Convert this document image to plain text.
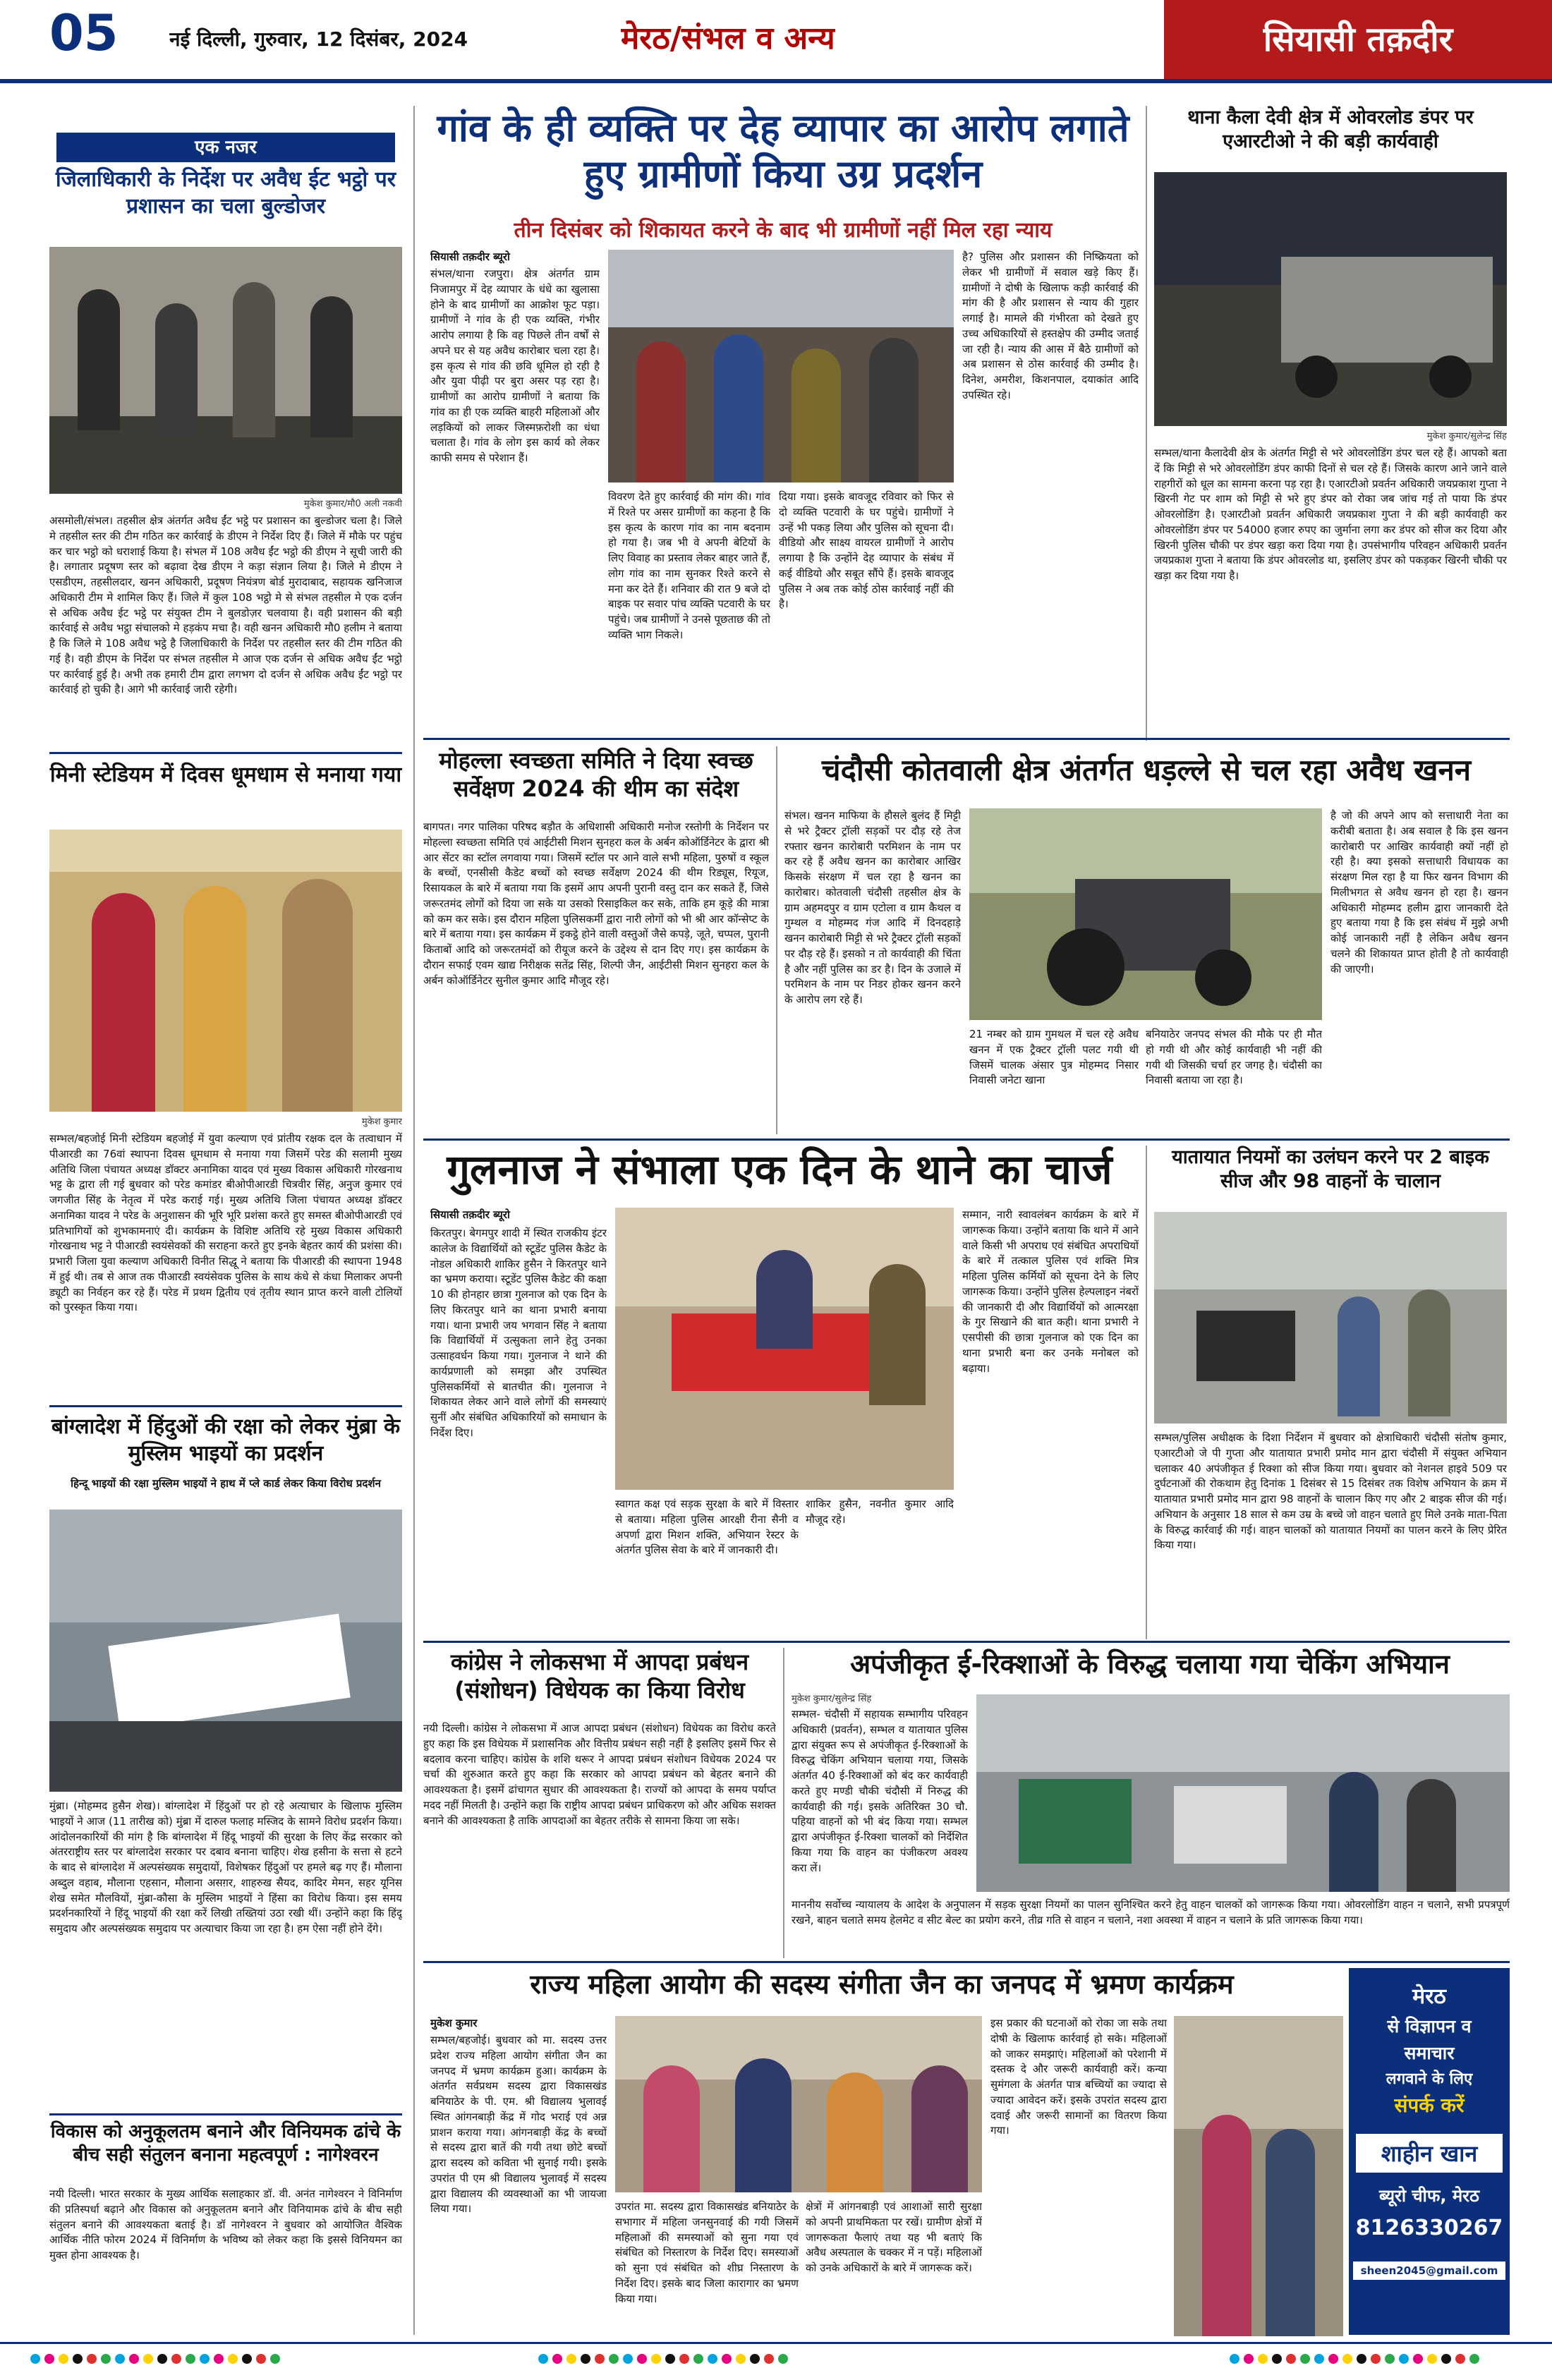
05	नई दिल्ली, गुरुवार, 12 दिसंबर, 2024	मेरठ/संभल व अन्य	सियासी तक़दीर
एक नजर
जिलाधिकारी के निर्देश पर अवैध ईट भट्ठो पर प्रशासन का चला बुल्डोजर
मुकेश कुमार/मौ0 अली नकवी
असमोली/संभल। तहसील क्षेत्र अंतर्गत अवैध ईंट भट्ठे पर प्रशासन का बुल्डोजर चला है। जिले मे तहसील स्तर की टीम गठित कर कार्रवाई के डीएम ने निर्देश दिए हैं। जिले में मौके पर पहुंच कर चार भट्ठो को धराशाई किया है। संभल में 108 अवैध ईंट भट्ठो की डीएम ने सूची जारी की है। लगातार प्रदूषण स्तर को बढ़ावा देख डीएम ने कड़ा संज्ञान लिया है। जिले मे डीएम ने एसडीएम, तहसीलदार, खनन अधिकारी, प्रदूषण नियंत्रण बोर्ड मुरादाबाद, सहायक खनिजाज अधिकारी टीम मे शामिल किए हैं। जिले में कुल 108 भट्ठो मे से संभल तहसील मे एक दर्जन से अधिक अवैध ईट भट्ठे पर संयुक्त टीम ने बुलडोज़र चलवाया है। वही प्रशासन की बड़ी कार्रवाई से अवैध भट्ठा संचालको मे हड़कंप मचा है। वही खनन अधिकारी मौ0 हलीम ने बताया है कि जिले मे 108 अवैध भट्ठे है जिलाधिकारी के निर्देश पर तहसील स्तर की टीम गठित की गई है। वही डीएम के निर्देश पर संभल तहसील मे आज एक दर्जन से अधिक अवैध ईंट भट्ठो पर कार्रवाई हुई है। अभी तक हमारी टीम द्वारा लगभग दो दर्जन से अधिक अवैध ईंट भट्ठो पर कार्रवाई हो चुकी है। आगे भी कार्रवाई जारी रहेगी।
मिनी स्टेडियम में दिवस धूमधाम से मनाया गया
मुकेश कुमार
सम्भल/बहजोई मिनी स्टेडियम बहजोई में युवा कल्याण एवं प्रांतीय रक्षक दल के तत्वाधान में पीआरडी का 76वां स्थापना दिवस धूमधाम से मनाया गया जिसमें परेड की सलामी मुख्य अतिथि जिला पंचायत अध्यक्ष डॉक्टर अनामिका यादव एवं मुख्य विकास अधिकारी गोरखनाथ भट्ट के द्वारा ली गई बुधवार को परेड कमांडर बीओपीआरडी चित्रवीर सिंह, अनुज कुमार एवं जगजीत सिंह के नेतृत्व में परेड कराई गई। मुख्य अतिथि जिला पंचायत अध्यक्ष डॉक्टर अनामिका यादव ने परेड के अनुशासन की भूरि भूरि प्रशंसा करते हुए समस्त बीओपीआरडी एवं प्रतिभागियों को शुभकामनाएं दी। कार्यक्रम के विशिष्ट अतिथि रहे मुख्य विकास अधिकारी गोरखनाथ भट्ट ने पीआरडी स्वयंसेवकों की सराहना करते हुए इनके बेहतर कार्य की प्रशंसा की। प्रभारी जिला युवा कल्याण अधिकारी विनीत सिद्धू ने बताया कि पीआरडी की स्थापना 1948 में हुई थी। तब से आज तक पीआरडी स्वयंसेवक पुलिस के साथ कंधे से कंधा मिलाकर अपनी ड्यूटी का निर्वहन कर रहे हैं। परेड में प्रथम द्वितीय एवं तृतीय स्थान प्राप्त करने वाली टोलियों को पुरस्कृत किया गया।
बांग्लादेश में हिंदुओं की रक्षा को लेकर मुंब्रा के मुस्लिम भाइयों का प्रदर्शन
हिन्दू भाइयों की रक्षा मुस्लिम भाइयों ने हाथ में प्ले कार्ड लेकर किया विरोध प्रदर्शन
मुंब्रा। (मोहम्मद हुसैन शेख)। बांग्लादेश में हिंदुओं पर हो रहे अत्याचार के खिलाफ मुस्लिम भाइयों ने आज (11 तारीख को) मुंब्रा में दारुल फलाह मस्जिद के सामने विरोध प्रदर्शन किया। आंदोलनकारियों की मांग है कि बांग्लादेश में हिंदू भाइयों की सुरक्षा के लिए केंद्र सरकार को अंतरराष्ट्रीय स्तर पर बांग्लादेश सरकार पर दबाव बनाना चाहिए। शेख हसीना के सत्ता से हटने के बाद से बांग्लादेश में अल्पसंख्यक समुदायों, विशेषकर हिंदुओं पर हमले बढ़ गए हैं। मौलाना अब्दुल वहाब, मौलाना एहसान, मौलाना असग़र, शाहरुख सैयद, कादिर मेमन, सहर यूनिस शेख समेत मौलवियों, मुंब्रा-कौसा के मुस्लिम भाइयों ने हिंसा का विरोध किया। इस समय प्रदर्शनकारियों ने हिंदू भाइयों की रक्षा करें लिखी तख्तियां उठा रखी थीं। उन्होंने कहा कि हिंदू समुदाय और अल्पसंख्यक समुदाय पर अत्याचार किया जा रहा है। हम ऐसा नहीं होने देंगे।
विकास को अनुकूलतम बनाने और विनियमक ढांचे के बीच सही संतुलन बनाना महत्वपूर्ण : नागेश्वरन
नयी दिल्ली। भारत सरकार के मुख्य आर्थिक सलाहकार डॉ. वी. अनंत नागेश्वरन ने विनिर्माण की प्रतिस्पर्धा बढ़ाने और विकास को अनुकूलतम बनाने और विनियामक ढांचे के बीच सही संतुलन बनाने की आवश्यकता बताई है। डॉ नागेश्वरन ने बुधवार को आयोजित वैश्विक आर्थिक नीति फोरम 2024 में विनिर्माण के भविष्य को लेकर कहा कि इससे विनियमन का मुक्त होना आवश्यक है।
गांव के ही व्यक्ति पर देह व्यापार का आरोप लगाते हुए ग्रामीणों किया उग्र प्रदर्शन
तीन दिसंबर को शिकायत करने के बाद भी ग्रामीणों नहीं मिल रहा न्याय
सियासी तक़दीर ब्यूरो
संभल/थाना रजपुरा। क्षेत्र अंतर्गत ग्राम निजामपुर में देह व्यापार के धंधे का खुलासा होने के बाद ग्रामीणों का आक्रोश फूट पड़ा। ग्रामीणों ने गांव के ही एक व्यक्ति, गंभीर आरोप लगाया है कि वह पिछले तीन वर्षों से अपने घर से यह अवैध कारोबार चला रहा है। इस कृत्य से गांव की छवि धूमिल हो रही है और युवा पीढ़ी पर बुरा असर पड़ रहा है। ग्रामीणों का आरोप ग्रामीणों ने बताया कि गांव का ही एक व्यक्ति बाहरी महिलाओं और लड़कियों को लाकर जिस्मफ़रोशी का धंधा चलाता है। गांव के लोग इस कार्य को लेकर काफी समय से परेशान हैं।
विवरण देते हुए कार्रवाई की मांग की। गांव में रिश्ते पर असर ग्रामीणों का कहना है कि इस कृत्य के कारण गांव का नाम बदनाम हो गया है। जब भी वे अपनी बेटियों के लिए विवाह का प्रस्ताव लेकर बाहर जाते हैं, लोग गांव का नाम सुनकर रिश्ते करने से मना कर देते हैं। शनिवार की रात 9 बजे दो बाइक पर सवार पांच व्यक्ति पटवारी के घर पहुंचे। जब ग्रामीणों ने उनसे पूछताछ की तो व्यक्ति भाग निकले।
दिया गया। इसके बावजूद रविवार को फिर से दो व्यक्ति पटवारी के घर पहुंचे। ग्रामीणों ने उन्हें भी पकड़ लिया और पुलिस को सूचना दी। वीडियो और साक्ष्य वायरल ग्रामीणों ने आरोप लगाया है कि उन्होंने देह व्यापार के संबंध में कई वीडियो और सबूत सौंपे हैं। इसके बावजूद पुलिस ने अब तक कोई ठोस कार्रवाई नहीं की है।
है? पुलिस और प्रशासन की निष्क्रियता को लेकर भी ग्रामीणों में सवाल खड़े किए हैं। ग्रामीणों ने दोषी के खिलाफ कड़ी कार्रवाई की मांग की है और प्रशासन से न्याय की गुहार लगाई है। मामले की गंभीरता को देखते हुए उच्च अधिकारियों से हस्तक्षेप की उम्मीद जताई जा रही है। न्याय की आस में बैठे ग्रामीणों को अब प्रशासन से ठोस कार्रवाई की उम्मीद है। दिनेश, अमरीश, किशनपाल, दयाकांत आदि उपस्थित रहे।
थाना कैला देवी क्षेत्र में ओवरलोड डंपर पर एआरटीओ ने की बड़ी कार्यवाही
मुकेश कुमार/सुलेन्द्र सिंह
सम्भल/थाना कैलादेवी क्षेत्र के अंतर्गत मिट्टी से भरे ओवरलोडिंग डंपर चल रहे हैं। आपको बता दें कि मिट्टी से भरे ओवरलोडिंग डंपर काफी दिनों से चल रहे हैं। जिसके कारण आने जाने वाले राहगीरों को धूल का सामना करना पड़ रहा है। एआरटीओ प्रवर्तन अधिकारी जयप्रकाश गुप्ता ने खिरनी गेट पर शाम को मिट्टी से भरे हुए डंपर को रोका जब जांच गई तो पाया कि डंपर ओवरलोडिंग है। एआरटीओ प्रवर्तन अधिकारी जयप्रकाश गुप्ता ने की बड़ी कार्यवाही कर ओवरलोडिंग डंपर पर 54000 हजार रुपए का जुर्माना लगा कर डंपर को सीज कर दिया और खिरनी पुलिस चौकी पर डंपर खड़ा करा दिया गया है। उपसंभागीय परिवहन अधिकारी प्रवर्तन जयप्रकाश गुप्ता ने बताया कि डंपर ओवरलोड था, इसलिए डंपर को पकड़कर खिरनी चौकी पर खड़ा कर दिया गया है।
मोहल्ला स्वच्छता समिति ने दिया स्वच्छ सर्वेक्षण 2024 की थीम का संदेश
बागपत। नगर पालिका परिषद बड़ौत के अधिशासी अधिकारी मनोज रस्तोगी के निर्देशन पर मोहल्ला स्वच्छता समिति एवं आईटीसी मिशन सुनहरा कल के अर्बन कोऑर्डिनेटर के द्वारा श्री आर सेंटर का स्टॉल लगवाया गया। जिसमें स्टॉल पर आने वाले सभी महिला, पुरुषों व स्कूल के बच्चों, एनसीसी कैडेट बच्चों को स्वच्छ सर्वेक्षण 2024 की थीम रिड्यूस, रियूज, रिसायकल के बारे में बताया गया कि इसमें आप अपनी पुरानी वस्तु दान कर सकते हैं, जिसे जरूरतमंद लोगों को दिया जा सके या उसको रिसाइकिल कर सके, ताकि हम कूड़े की मात्रा को कम कर सके। इस दौरान महिला पुलिसकर्मी द्वारा नारी लोगों को भी श्री आर कॉन्सेप्ट के बारे में बताया गया। इस कार्यक्रम में इकट्ठे होने वाली वस्तुओं जैसे कपड़े, जूते, चप्पल, पुरानी किताबों आदि को जरूरतमंदों को रीयूज करने के उद्देश्य से दान दिए गए। इस कार्यक्रम के दौरान सफाई एवम खाद्य निरीक्षक सतेंद्र सिंह, शिल्पी जैन, आईटीसी मिशन सुनहरा कल के अर्बन कोऑर्डिनेटर सुनील कुमार आदि मौजूद रहे।
चंदौसी कोतवाली क्षेत्र अंतर्गत धड़ल्ले से चल रहा अवैध खनन
संभल। खनन माफिया के हौसले बुलंद हैं मिट्टी से भरे ट्रैक्टर ट्रॉली सड़कों पर दौड़ रहे तेज रफ्तार खनन कारोबारी परमिशन के नाम पर कर रहे हैं अवैध खनन का कारोबार आखिर किसके संरक्षण में चल रहा है खनन का कारोबार। कोतवाली चंदौसी तहसील क्षेत्र के ग्राम अहमदपुर व ग्राम एटोला व ग्राम कैथल व गुम्थल व मोहम्मद गंज आदि में दिनदहाड़े खनन कारोबारी मिट्टी से भरे ट्रैक्टर ट्रॉली सड़कों पर दौड़ रहे हैं। इसको न तो कार्यवाही की चिंता है और नहीं पुलिस का डर है। दिन के उजाले में परमिशन के नाम पर निडर होकर खनन करने के आरोप लग रहे हैं।
21 नम्बर को ग्राम गुमथल में चल रहे अवैध खनन में एक ट्रैक्टर ट्रॉली पलट गयी थी जिसमें चालक अंसार पुत्र मोहम्मद निसार निवासी जनेटा खाना
बनियाठेर जनपद संभल की मौके पर ही मौत हो गयी थी और कोई कार्यवाही भी नहीं की गयी थी जिसकी चर्चा हर जगह है। चंदौसी का निवासी बताया जा रहा है।
है जो की अपने आप को सत्ताधारी नेता का करीबी बताता है। अब सवाल है कि इस खनन कारोबारी पर आखिर कार्यवाही क्यों नहीं हो रही है। क्या इसको सत्ताधारी विधायक का संरक्षण मिल रहा है या फिर खनन विभाग की मिलीभगत से अवैध खनन हो रहा है। खनन अधिकारी मोहम्मद हलीम द्वारा जानकारी देते हुए बताया गया है कि इस संबंध में मुझे अभी कोई जानकारी नहीं है लेकिन अवैध खनन चलने की शिकायत प्राप्त होती है तो कार्यवाही की जाएगी।
गुलनाज ने संभाला एक दिन के थाने का चार्ज
सियासी तक़दीर ब्यूरो
किरतपुर। बेगमपुर शादी में स्थित राजकीय इंटर कालेज के विद्यार्थियों को स्टूडेंट पुलिस कैडेट के नोडल अधिकारी शाकिर हुसैन ने किरतपुर थाने का भ्रमण कराया। स्टूडेंट पुलिस कैडेट की कक्षा 10 की होनहार छात्रा गुलनाज को एक दिन के लिए किरतपुर थाने का थाना प्रभारी बनाया गया। थाना प्रभारी जय भगवान सिंह ने बताया कि विद्यार्थियों में उत्सुकता लाने हेतु उनका उत्साहवर्धन किया गया। गुलनाज ने थाने की कार्यप्रणाली को समझा और उपस्थित पुलिसकर्मियों से बातचीत की। गुलनाज ने शिकायत लेकर आने वाले लोगों की समस्याएं सुनीं और संबंधित अधिकारियों को समाधान के निर्देश दिए।
स्वागत कक्ष एवं सड़क सुरक्षा के बारे में विस्तार से बताया। महिला पुलिस आरक्षी रीना सैनी व अपर्णा द्वारा मिशन शक्ति, अभियान रेस्टर के अंतर्गत पुलिस सेवा के बारे में जानकारी दी।
शाकिर हुसैन, नवनीत कुमार आदि मौजूद रहे।
सम्मान, नारी स्वावलंबन कार्यक्रम के बारे में जागरूक किया। उन्होंने बताया कि थाने में आने वाले किसी भी अपराध एवं संबंधित अपराधियों के बारे में तत्काल पुलिस एवं शक्ति मित्र महिला पुलिस कर्मियों को सूचना देने के लिए जागरूक किया। उन्होंने पुलिस हेल्पलाइन नंबरों की जानकारी दी और विद्यार्थियों को आत्मरक्षा के गुर सिखाने की बात कही। थाना प्रभारी ने एसपीसी की छात्रा गुलनाज को एक दिन का थाना प्रभारी बना कर उनके मनोबल को बढ़ाया।
यातायात नियमों का उलंघन करने पर 2 बाइक सीज और 98 वाहनों के चालान
सम्भल/पुलिस अधीक्षक के दिशा निर्देशन में बुधवार को क्षेत्राधिकारी चंदौसी संतोष कुमार, एआरटीओ जे पी गुप्ता और यातायात प्रभारी प्रमोद मान द्वारा चंदौसी में संयुक्त अभियान चलाकर 40 अपंजीकृत ई रिक्शा को सीज किया गया। बुधवार को नेशनल हाइवे 509 पर दुर्घटनाओं की रोकथाम हेतु दिनांक 1 दिसंबर से 15 दिसंबर तक विशेष अभियान के क्रम में यातायात प्रभारी प्रमोद मान द्वारा 98 वाहनों के चालान किए गए और 2 बाइक सीज की गई। अभियान के अनुसार 18 साल से कम उम्र के बच्चे जो वाहन चलाते हुए मिले उनके माता-पिता के विरुद्ध कार्रवाई की गई। वाहन चालकों को यातायात नियमों का पालन करने के लिए प्रेरित किया गया।
कांग्रेस ने लोकसभा में आपदा प्रबंधन (संशोधन) विधेयक का किया विरोध
नयी दिल्ली। कांग्रेस ने लोकसभा में आज आपदा प्रबंधन (संशोधन) विधेयक का विरोध करते हुए कहा कि इस विधेयक में प्रशासनिक और वित्तीय प्रबंधन सही नहीं है इसलिए इसमें फिर से बदलाव करना चाहिए। कांग्रेस के शशि थरूर ने आपदा प्रबंधन संशोधन विधेयक 2024 पर चर्चा की शुरुआत करते हुए कहा कि सरकार को आपदा प्रबंधन को बेहतर बनाने की आवश्यकता है। इसमें ढांचागत सुधार की आवश्यकता है। राज्यों को आपदा के समय पर्याप्त मदद नहीं मिलती है। उन्होंने कहा कि राष्ट्रीय आपदा प्रबंधन प्राधिकरण को और अधिक सशक्त बनाने की आवश्यकता है ताकि आपदाओं का बेहतर तरीके से सामना किया जा सके।
अपंजीकृत ई-रिक्शाओं के विरुद्ध चलाया गया चेकिंग अभियान
मुकेश कुमार/सुलेन्द्र सिंह
सम्भल- चंदौसी में सहायक सम्भागीय परिवहन अधिकारी (प्रवर्तन), सम्भल व यातायात पुलिस द्वारा संयुक्त रूप से अपंजीकृत ई-रिक्शाओं के विरुद्ध चेकिंग अभियान चलाया गया, जिसके अंतर्गत 40 ई-रिक्शाओं को बंद कर कार्यवाही करते हुए मण्डी चौकी चंदौसी में निरुद्ध की कार्यवाही की गई। इसके अतिरिक्त 30 चौ. पहिया वाहनों को भी बंद किया गया। सम्भल द्वारा अपंजीकृत ई-रिक्शा चालकों को निर्देशित किया गया कि वाहन का पंजीकरण अवश्य करा लें।
माननीय सर्वोच्च न्यायालय के आदेश के अनुपालन में सड़क सुरक्षा नियमों का पालन सुनिश्चित करने हेतु वाहन चालकों को जागरूक किया गया। ओवरलोडिंग वाहन न चलाने, सभी प्रपत्रपूर्ण रखने, बाहन चलाते समय हेलमेट व सीट बेल्ट का प्रयोग करने, तीव्र गति से वाहन न चलाने, नशा अवस्था में वाहन न चलाने के प्रति जागरूक किया गया।
राज्य महिला आयोग की सदस्य संगीता जैन का जनपद में भ्रमण कार्यक्रम
मुकेश कुमार
सम्भल/बहजोई। बुधवार को मा. सदस्य उत्तर प्रदेश राज्य महिला आयोग संगीता जैन का जनपद में भ्रमण कार्यक्रम हुआ। कार्यक्रम के अंतर्गत सर्वप्रथम सदस्य द्वारा विकासखंड बनियाठेर के पी. एम. श्री विद्यालय भुलावई स्थित आंगनबाड़ी केंद्र में गोद भराई एवं अन्न प्राशन कराया गया। आंगनबाड़ी केंद्र के बच्चों से सदस्य द्वारा बातें की गयी तथा छोटे बच्चों द्वारा सदस्य को कविता भी सुनाई गयी। इसके उपरांत पी एम श्री विद्यालय भुलावई में सदस्य द्वारा विद्यालय की व्यवस्थाओं का भी जायजा लिया गया।	उपरांत मा. सदस्य द्वारा विकासखंड बनियाठेर के सभागार में महिला जनसुनवाई की गयी जिसमें महिलाओं की समस्याओं को सुना गया एवं संबंधित को निस्तारण के निर्देश दिए। समस्याओं को सुना एवं संबंधित को शीघ्र निस्तारण के निर्देश दिए। इसके बाद जिला कारागार का भ्रमण किया गया।
क्षेत्रों में आंगनबाड़ी एवं आशाओं सारी सुरक्षा को अपनी प्राथमिकता पर रखें। ग्रामीण क्षेत्रों में जागरूकता फैलाएं तथा यह भी बताएं कि अवैध अस्पताल के चक्कर में न पड़ें। महिलाओं को उनके अधिकारों के बारे में जागरूक करें।
इस प्रकार की घटनाओं को रोका जा सके तथा दोषी के खिलाफ कार्रवाई हो सके। महिलाओं को जाकर समझाएं। महिलाओं को परेशानी में दस्तक दे और जरूरी कार्यवाही करें। कन्या सुमंगला के अंतर्गत पात्र बच्चियों का ज्यादा से ज्यादा आवेदन करें। इसके उपरांत सदस्य द्वारा दवाई और जरूरी सामानों का वितरण किया गया।
मेरठ
से विज्ञापन व
समाचार
लगवाने के लिए
संपर्क करें
शाहीन खान
ब्यूरो चीफ, मेरठ
8126330267
sheen2045@gmail.com
